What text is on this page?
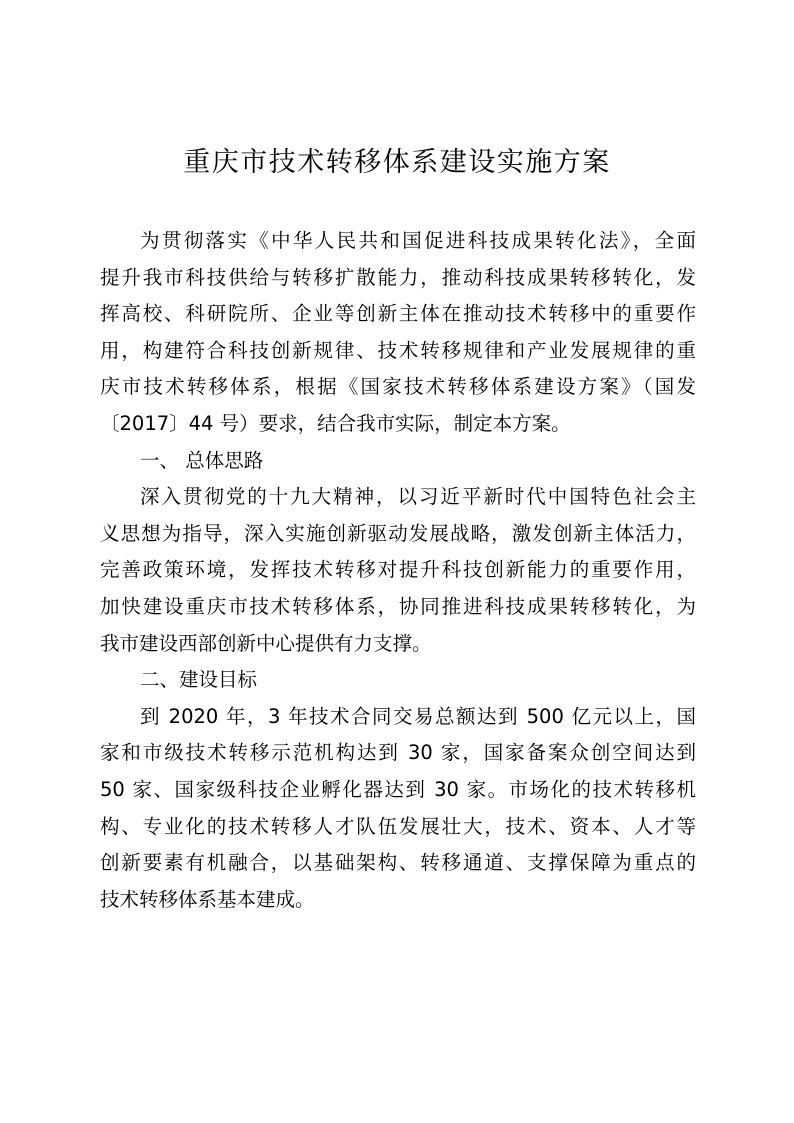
重庆市技术转移体系建设实施方案
为贯彻落实《中华人民共和国促进科技成果转化法》，全面
提升我市科技供给与转移扩散能力，推动科技成果转移转化，发
挥高校、科研院所、企业等创新主体在推动技术转移中的重要作
用，构建符合科技创新规律、技术转移规律和产业发展规律的重
庆市技术转移体系，根据《国家技术转移体系建设方案》（国发
〔2017〕44 号）要求，结合我市实际，制定本方案。
一、 总体思路
深入贯彻党的十九大精神，以习近平新时代中国特色社会主
义思想为指导，深入实施创新驱动发展战略，激发创新主体活力，
完善政策环境，发挥技术转移对提升科技创新能力的重要作用，
加快建设重庆市技术转移体系，协同推进科技成果转移转化，为
我市建设西部创新中心提供有力支撑。
二、建设目标
到 2020 年，3 年技术合同交易总额达到 500 亿元以上，国
家和市级技术转移示范机构达到 30 家，国家备案众创空间达到
50 家、国家级科技企业孵化器达到 30 家。市场化的技术转移机
构、专业化的技术转移人才队伍发展壮大，技术、资本、人才等
创新要素有机融合，以基础架构、转移通道、支撑保障为重点的
技术转移体系基本建成。
